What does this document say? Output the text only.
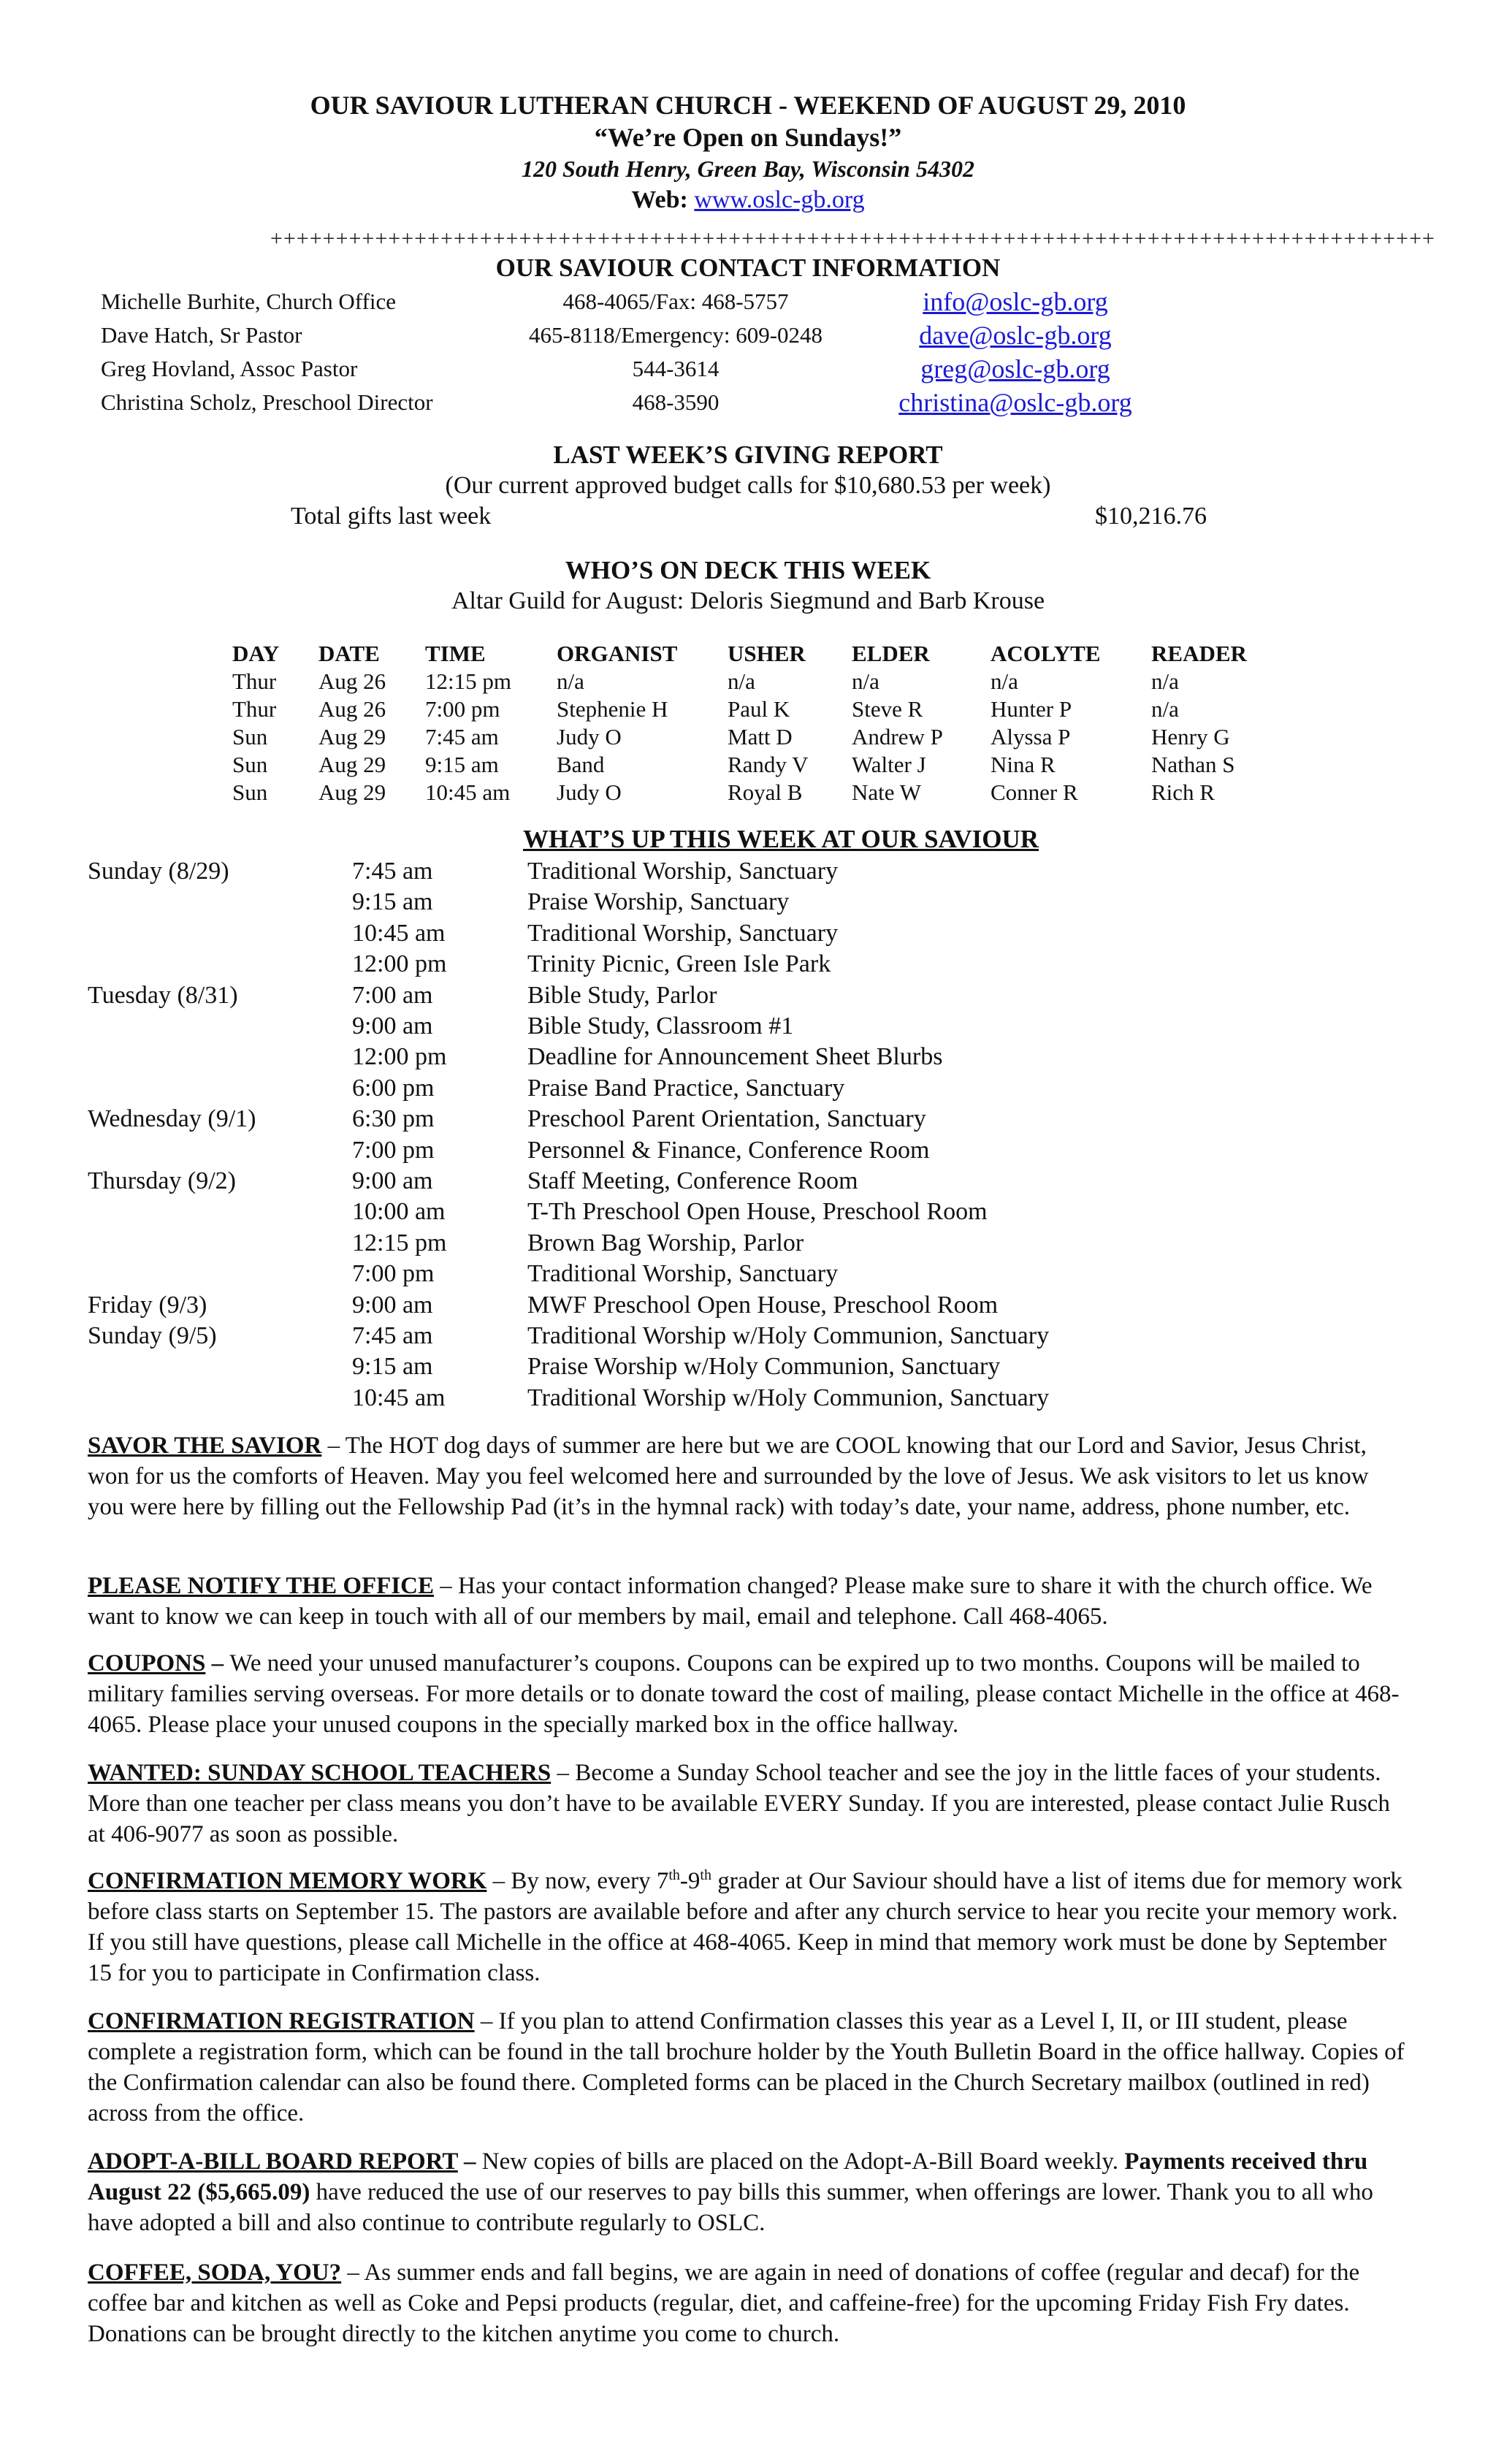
OUR SAVIOUR LUTHERAN CHURCH - WEEKEND OF AUGUST 29, 2010
“We’re Open on Sundays!”
120 South Henry, Green Bay, Wisconsin 54302
Web: www.oslc-gb.org
+++++++++++++++++++++++++++++++++++++++++++++++++++++++++++++++++++++++++++++++++++++++++
OUR SAVIOUR CONTACT INFORMATION
Michelle Burhite, Church Office	468-4065/Fax: 468-5757	info@oslc-gb.org
Dave Hatch, Sr Pastor	465-8118/Emergency: 609-0248	dave@oslc-gb.org
Greg Hovland, Assoc Pastor	544-3614	greg@oslc-gb.org
Christina Scholz, Preschool Director	468-3590	christina@oslc-gb.org
LAST WEEK’S GIVING REPORT
(Our current approved budget calls for $10,680.53 per week)
Total gifts last week	$10,216.76
WHO’S ON DECK THIS WEEK
Altar Guild for August: Deloris Siegmund and Barb Krouse
DAY	DATE	TIME	ORGANIST	USHER	ELDER	ACOLYTE	READER
Thur	Aug 26	12:15 pm	n/a	n/a	n/a	n/a	n/a
Thur	Aug 26	7:00 pm	Stephenie H	Paul K	Steve R	Hunter P	n/a
Sun	Aug 29	7:45 am	Judy O	Matt D	Andrew P	Alyssa P	Henry G
Sun	Aug 29	9:15 am	Band	Randy V	Walter J	Nina R	Nathan S
Sun	Aug 29	10:45 am	Judy O	Royal B	Nate W	Conner R	Rich R
WHAT’S UP THIS WEEK AT OUR SAVIOUR
Sunday (8/29)	7:45 am	Traditional Worship, Sanctuary
9:15 am	Praise Worship, Sanctuary
10:45 am	Traditional Worship, Sanctuary
12:00 pm	Trinity Picnic, Green Isle Park
Tuesday (8/31)	7:00 am	Bible Study, Parlor
9:00 am	Bible Study, Classroom #1
12:00 pm	Deadline for Announcement Sheet Blurbs
6:00 pm	Praise Band Practice, Sanctuary
Wednesday (9/1)	6:30 pm	Preschool Parent Orientation, Sanctuary
7:00 pm	Personnel & Finance, Conference Room
Thursday (9/2)	9:00 am	Staff Meeting, Conference Room
10:00 am	T-Th Preschool Open House, Preschool Room
12:15 pm	Brown Bag Worship, Parlor
7:00 pm	Traditional Worship, Sanctuary
Friday (9/3)	9:00 am	MWF Preschool Open House, Preschool Room
Sunday (9/5)	7:45 am	Traditional Worship w/Holy Communion, Sanctuary
9:15 am	Praise Worship w/Holy Communion, Sanctuary
10:45 am	Traditional Worship w/Holy Communion, Sanctuary
SAVOR THE SAVIOR – The HOT dog days of summer are here but we are COOL knowing that our Lord and Savior, Jesus Christ, won for us the comforts of Heaven. May you feel welcomed here and surrounded by the love of Jesus. We ask visitors to let us know you were here by filling out the Fellowship Pad (it’s in the hymnal rack) with today’s date, your name, address, phone number, etc.
PLEASE NOTIFY THE OFFICE – Has your contact information changed? Please make sure to share it with the church office. We want to know we can keep in touch with all of our members by mail, email and telephone. Call 468-4065.
COUPONS – We need your unused manufacturer’s coupons. Coupons can be expired up to two months. Coupons will be mailed to military families serving overseas. For more details or to donate toward the cost of mailing, please contact Michelle in the office at 468-4065. Please place your unused coupons in the specially marked box in the office hallway.
WANTED: SUNDAY SCHOOL TEACHERS – Become a Sunday School teacher and see the joy in the little faces of your students. More than one teacher per class means you don’t have to be available EVERY Sunday. If you are interested, please contact Julie Rusch at 406-9077 as soon as possible.
CONFIRMATION MEMORY WORK – By now, every 7th-9th grader at Our Saviour should have a list of items due for memory work before class starts on September 15. The pastors are available before and after any church service to hear you recite your memory work. If you still have questions, please call Michelle in the office at 468-4065. Keep in mind that memory work must be done by September 15 for you to participate in Confirmation class.
CONFIRMATION REGISTRATION – If you plan to attend Confirmation classes this year as a Level I, II, or III student, please complete a registration form, which can be found in the tall brochure holder by the Youth Bulletin Board in the office hallway. Copies of the Confirmation calendar can also be found there. Completed forms can be placed in the Church Secretary mailbox (outlined in red) across from the office.
ADOPT-A-BILL BOARD REPORT – New copies of bills are placed on the Adopt-A-Bill Board weekly. Payments received thru August 22 ($5,665.09) have reduced the use of our reserves to pay bills this summer, when offerings are lower. Thank you to all who have adopted a bill and also continue to contribute regularly to OSLC.
COFFEE, SODA, YOU? – As summer ends and fall begins, we are again in need of donations of coffee (regular and decaf) for the coffee bar and kitchen as well as Coke and Pepsi products (regular, diet, and caffeine-free) for the upcoming Friday Fish Fry dates. Donations can be brought directly to the kitchen anytime you come to church.
